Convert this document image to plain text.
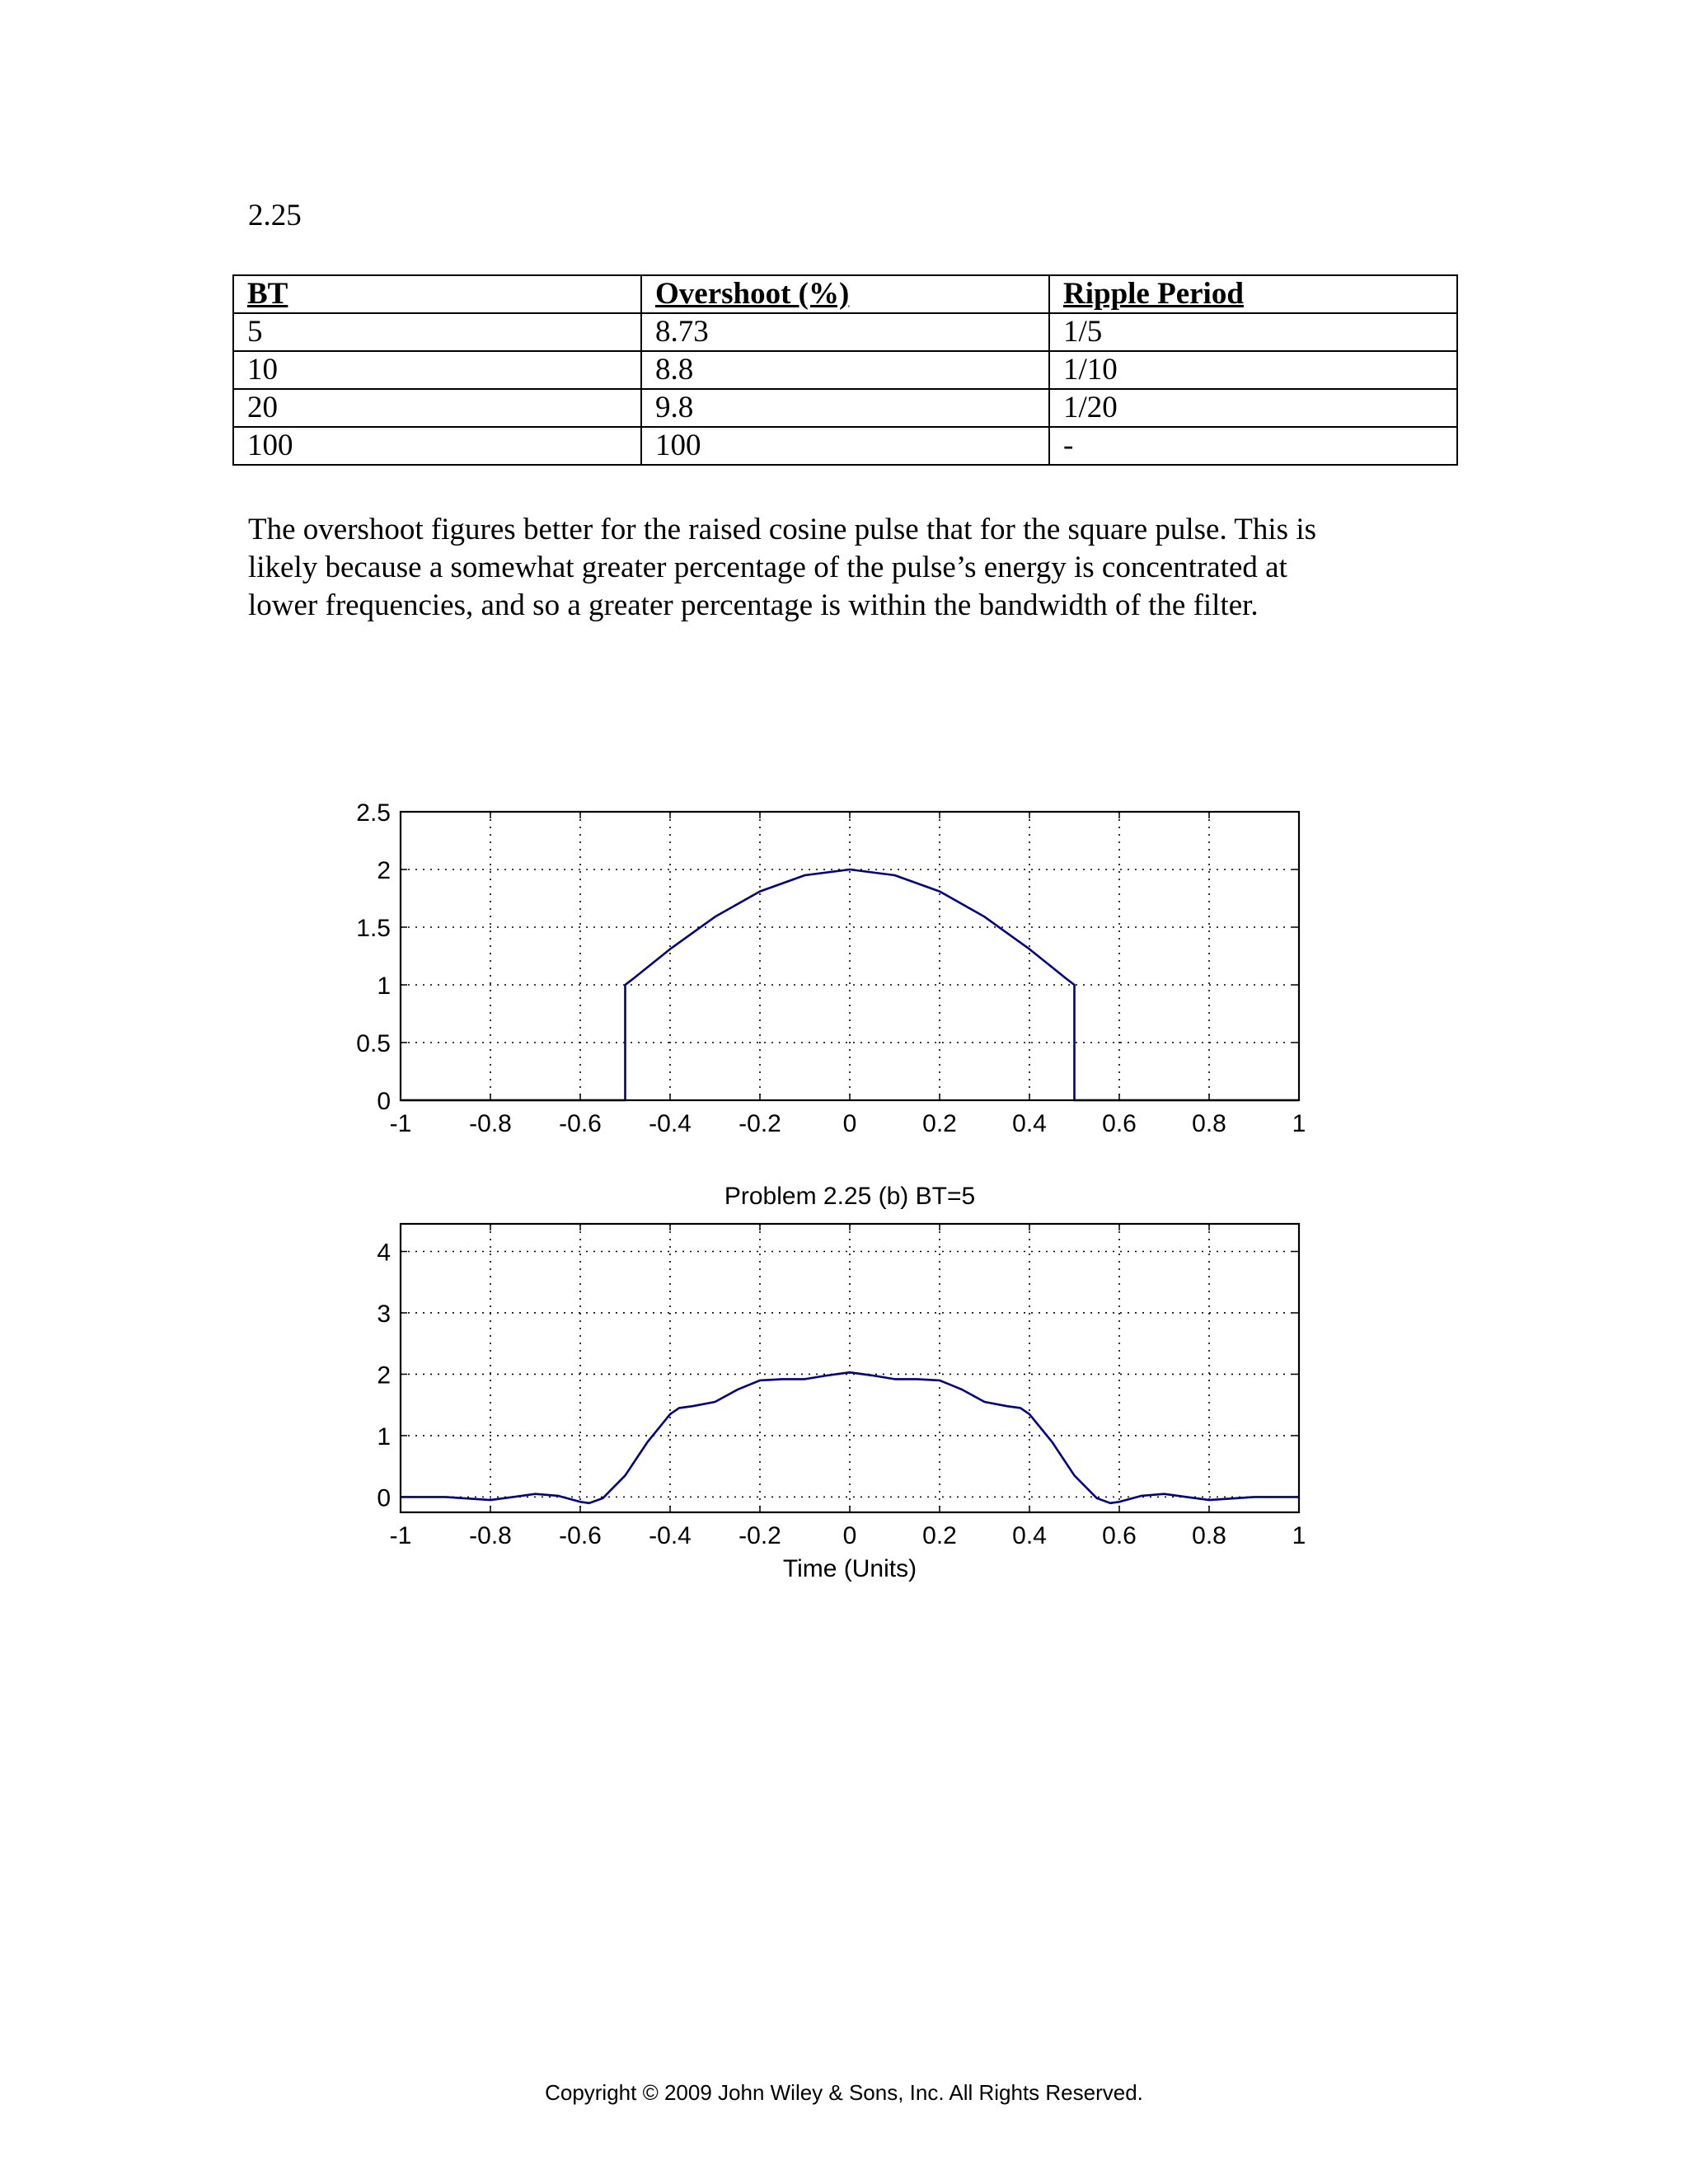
2.25
BT	Overshoot (%)	Ripple Period
5	8.73	1/5
10	8.8	1/10
20	9.8	1/20
100	100	-

The overshoot figures better for the raised cosine pulse that for the square pulse. This is
likely because a somewhat greater percentage of the pulse’s energy is concentrated at
lower frequencies, and so a greater percentage is within the bandwidth of the filter.

-1 -0.8 -0.6 -0.4 -0.2 0	0.2 0.4 0.6 0.8	1
0
0.5
1
1.5
2
2.5
-1 -0.8 -0.6 -0.4 -0.2 0	0.2 0.4 0.6 0.8	1
0
1
2
3
4
Problem 2.25 (b) BT=5
Time (Units)
Copyright © 2009 John Wiley & Sons, Inc. All Rights Reserved.
